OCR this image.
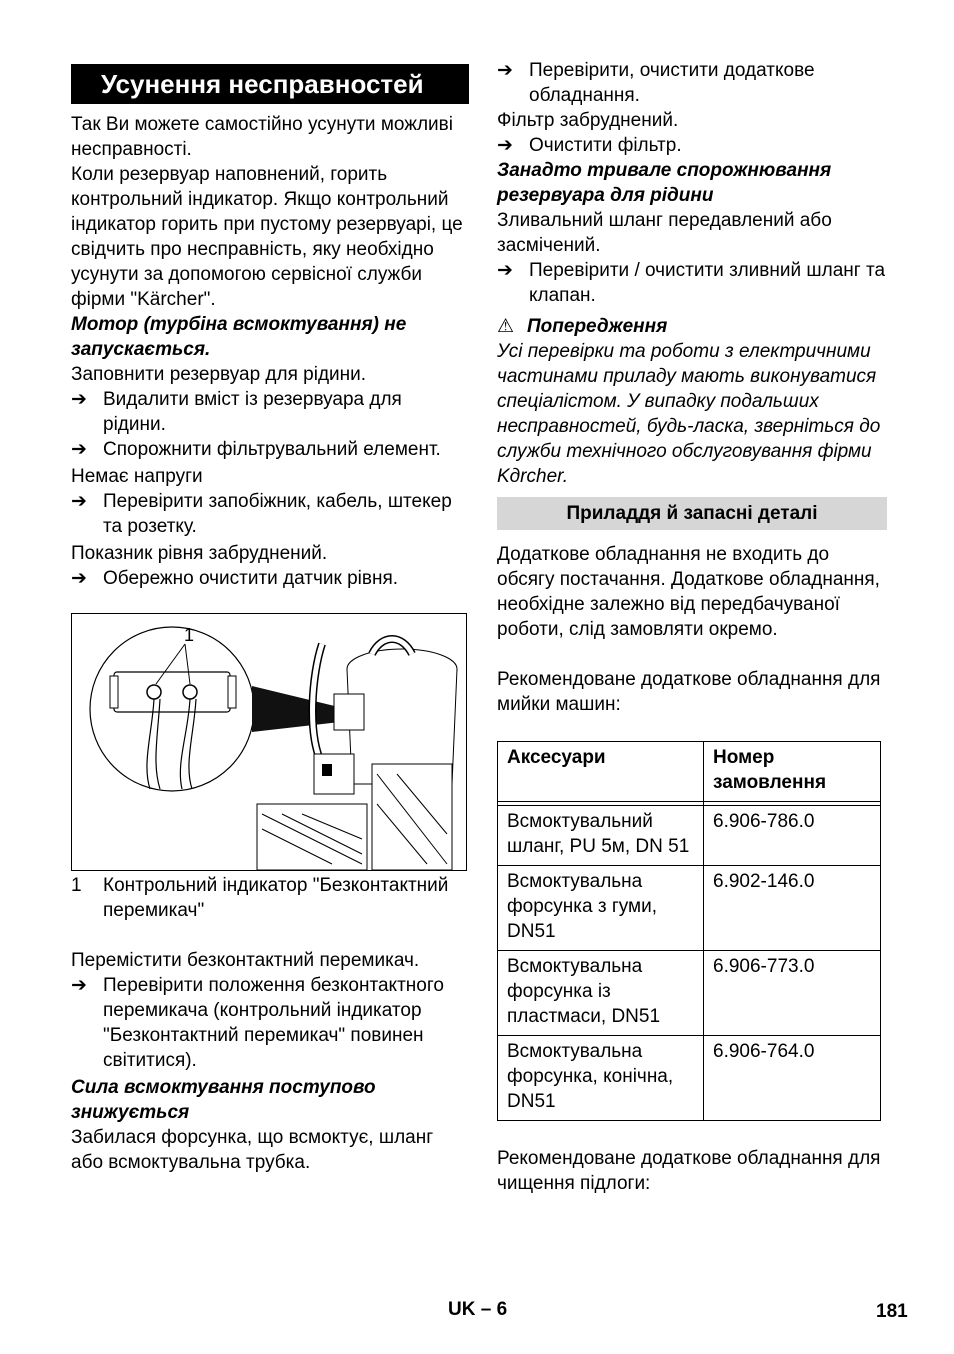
Усунення несправностей

Так Ви можете самостійно усунути можливі несправності.

Коли резервуар наповнений, горить контрольний індикатор. Якщо контрольний індикатор горить при пустому резервуарі, це свідчить про несправність, яку необхідно усунути за допомогою сервісної служби фірми "Kärcher".

Мотор (турбіна всмоктування) не запускається.

Заповнити резервуар для рідини.

➔ Видалити вміст із резервуара для рідини.
➔ Спорожнити фільтрувальний елемент.

Немає напруги

➔ Перевірити запобіжник, кабель, штекер та розетку.

Показник рівня забруднений.

➔ Обережно очистити датчик рівня.
1
1	Контрольний індикатор "Безконтактний перемикач"

Перемістити безконтактний перемикач.

➔ Перевірити положення безконтактного перемикача (контрольний індикатор "Безконтактний перемикач" повинен світитися).

Сила всмоктування поступово знижується

Забилася форсунка, що всмоктує, шланг або всмоктувальна трубка.

➔ Перевірити, очистити додаткове обладнання.

Фільтр забруднений.

➔ Очистити фільтр.

Занадто тривале спорожнювання резервуара для рідини

Зливальний шланг передавлений або засмічений.

➔ Перевірити / очистити зливний шланг та клапан.
⚠ Попередження

Усі перевірки та роботи з електричними частинами приладу мають виконуватися спеціалістом. У випадку подальших несправностей, будь-ласка, зверніться до служби технічного обслуговування фірми Kдrcher.

Приладдя й запасні деталі

Додаткове обладнання не входить до обсягу постачання. Додаткове обладнання, необхідне залежно від передбачуваної роботи, слід замовляти окремо.

Рекомендоване додаткове обладнання для мийки машин:

Аксесуари	Номер замовлення

Всмоктувальний шланг, PU 5м, DN 51	6.906-786.0
Всмоктувальна форсунка з гуми, DN51	6.902-146.0
Всмоктувальна форсунка із пластмаси, DN51	6.906-773.0
Всмоктувальна форсунка, конічна, DN51	6.906-764.0

Рекомендоване додаткове обладнання для чищення підлоги:

UK – 6	181
